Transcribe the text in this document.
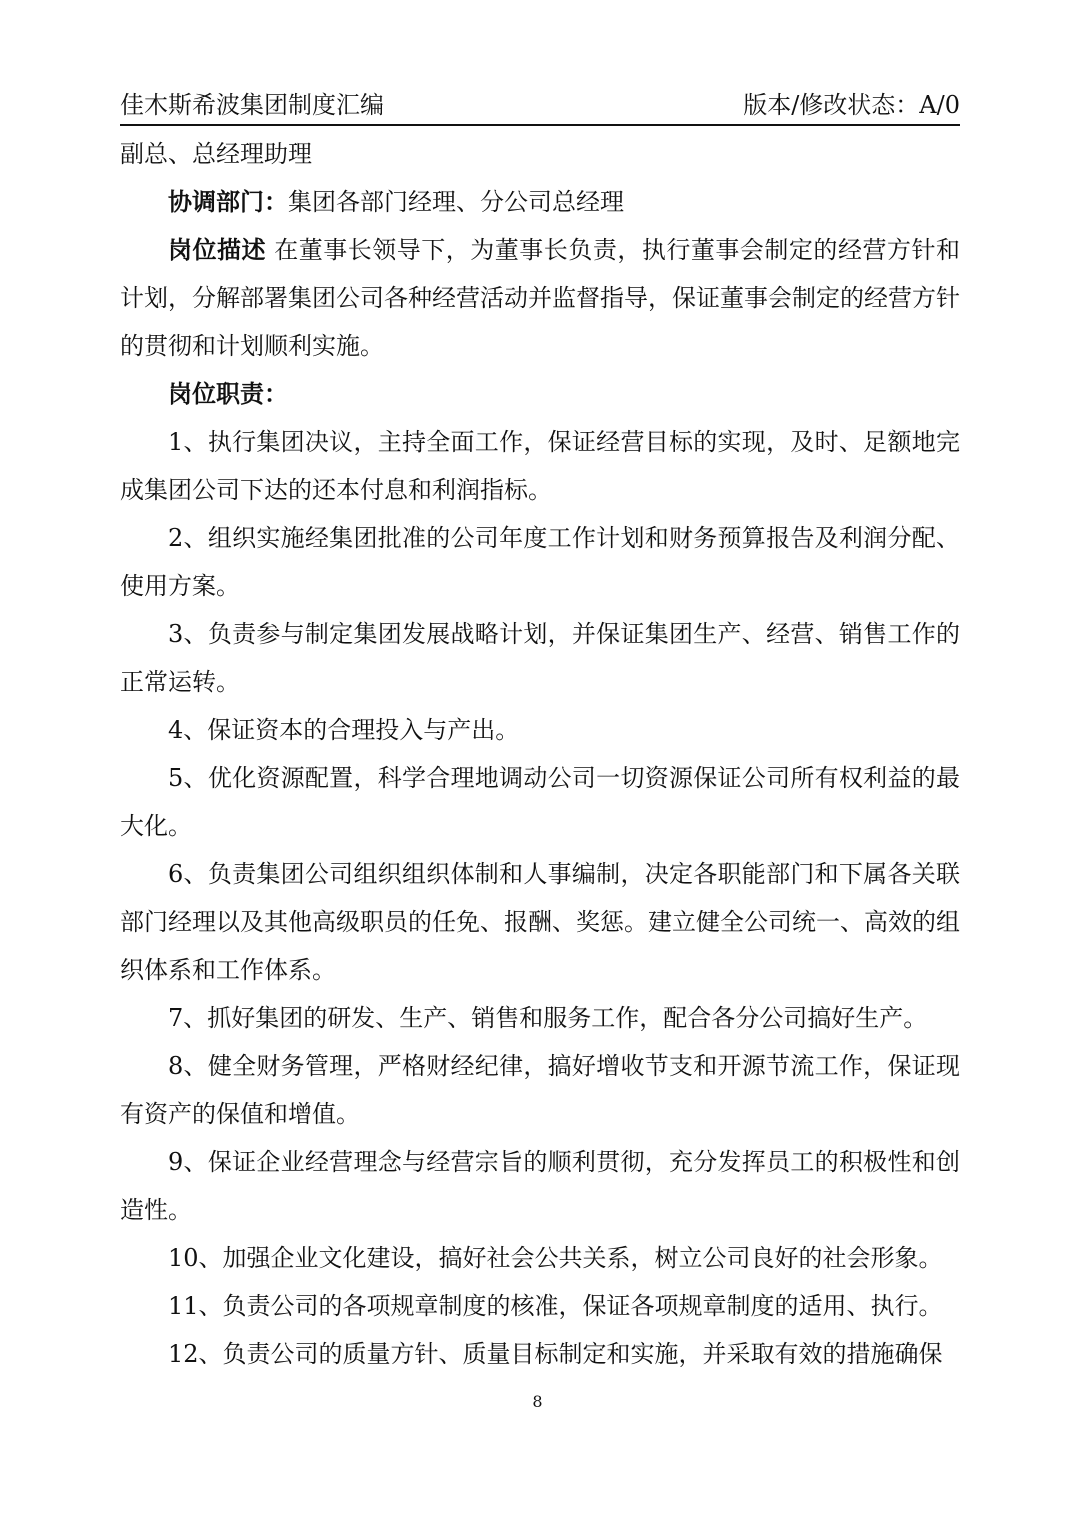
佳木斯希波集团制度汇编	版本/修改状态：A/0

副总、总经理助理

协调部门：集团各部门经理、分公司总经理

岗位描述 在董事长领导下，为董事长负责，执行董事会制定的经营方针和计划，分解部署集团公司各种经营活动并监督指导，保证董事会制定的经营方针的贯彻和计划顺利实施。

岗位职责：

1、执行集团决议，主持全面工作，保证经营目标的实现，及时、足额地完成集团公司下达的还本付息和利润指标。

2、组织实施经集团批准的公司年度工作计划和财务预算报告及利润分配、使用方案。

3、负责参与制定集团发展战略计划，并保证集团生产、经营、销售工作的正常运转。

4、保证资本的合理投入与产出。

5、优化资源配置，科学合理地调动公司一切资源保证公司所有权利益的最大化。

6、负责集团公司组织组织体制和人事编制，决定各职能部门和下属各关联部门经理以及其他高级职员的任免、报酬、奖惩。建立健全公司统一、高效的组织体系和工作体系。

7、抓好集团的研发、生产、销售和服务工作，配合各分公司搞好生产。

8、健全财务管理，严格财经纪律，搞好增收节支和开源节流工作，保证现有资产的保值和增值。

9、保证企业经营理念与经营宗旨的顺利贯彻，充分发挥员工的积极性和创造性。

10、加强企业文化建设，搞好社会公共关系，树立公司良好的社会形象。

11、负责公司的各项规章制度的核准，保证各项规章制度的适用、执行。

12、负责公司的质量方针、质量目标制定和实施，并采取有效的措施确保

8
